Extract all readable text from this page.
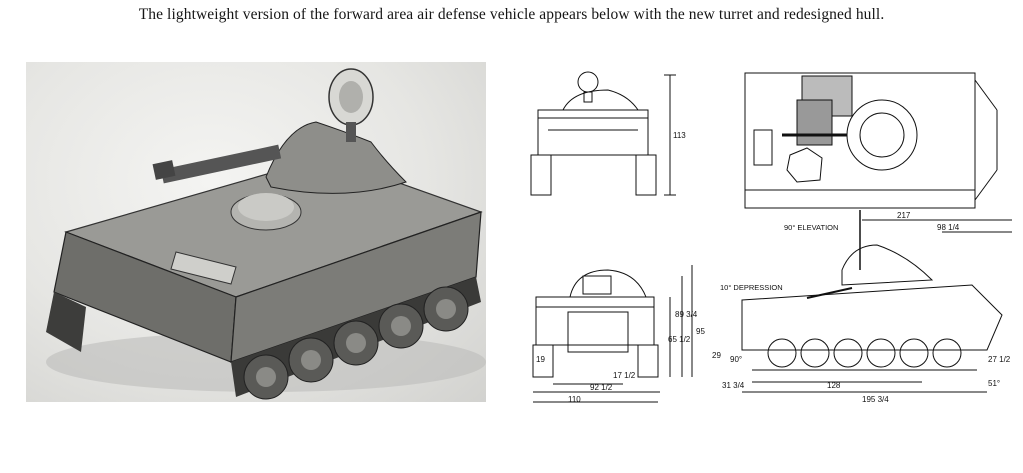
The lightweight version of the forward area air defense vehicle appears below with the new turret and redesigned hull.
113
89 3/4
65 1/2
95
19
17 1/2
92 1/2
110
90° ELEVATION
10° DEPRESSION
217
98 1/4
29 90°
31 3/4	128
195 3/4
27 1/2
51°
